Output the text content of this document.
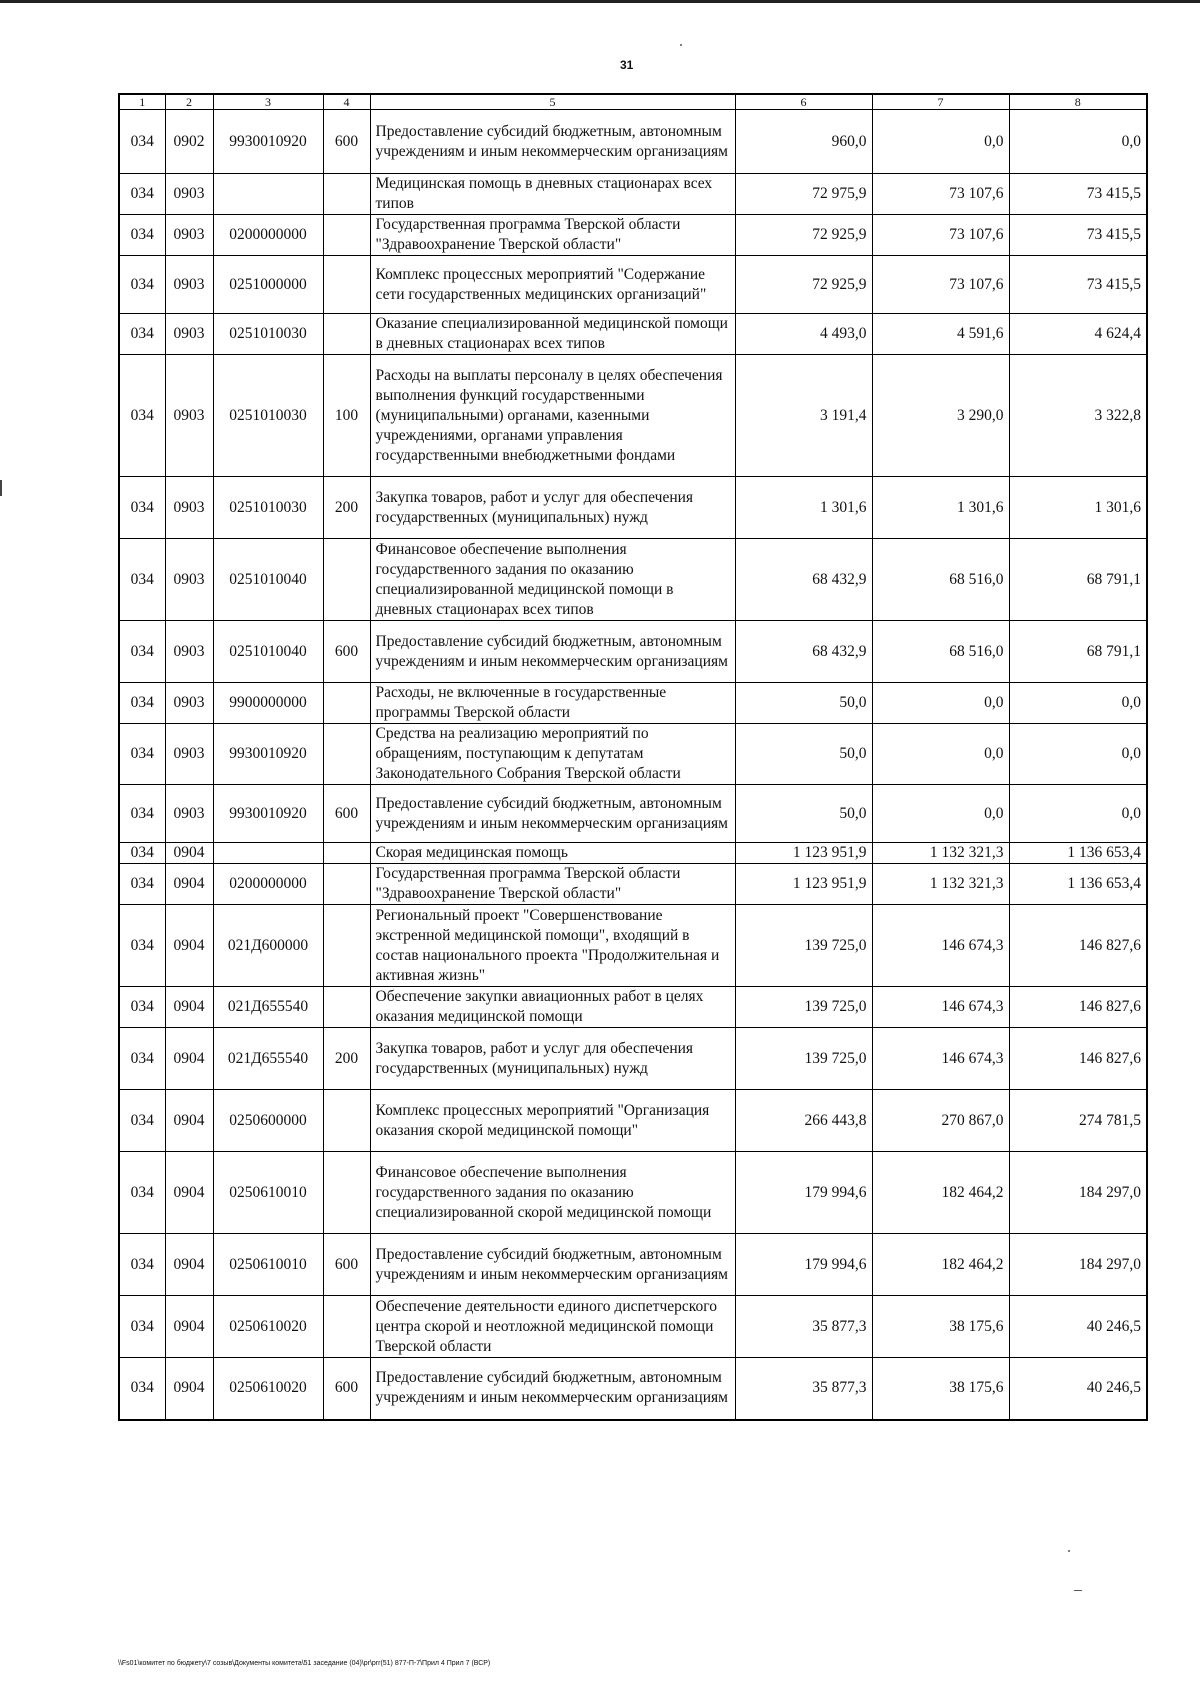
31
1	2	3	4	5	6	7	8
034	0902	9930010920	600	Предоставление субсидий бюджетным, автономным учреждениям и иным некоммерческим организациям	960,0	0,0	0,0
034	0903			Медицинская помощь в дневных стационарах всех типов	72 975,9	73 107,6	73 415,5
034	0903	0200000000		Государственная программа Тверской области "Здравоохранение Тверской области"	72 925,9	73 107,6	73 415,5
034	0903	0251000000		Комплекс процессных мероприятий "Содержание сети государственных медицинских организаций"	72 925,9	73 107,6	73 415,5
034	0903	0251010030		Оказание специализированной медицинской помощи в дневных стационарах всех типов	4 493,0	4 591,6	4 624,4
034	0903	0251010030	100	Расходы на выплаты персоналу в целях обеспечения выполнения функций государственными (муниципальными) органами, казенными учреждениями, органами управления государственными внебюджетными фондами	3 191,4	3 290,0	3 322,8
034	0903	0251010030	200	Закупка товаров, работ и услуг для обеспечения государственных (муниципальных) нужд	1 301,6	1 301,6	1 301,6
034	0903	0251010040		Финансовое обеспечение выполнения государственного задания по оказанию специализированной медицинской помощи в дневных стационарах всех типов	68 432,9	68 516,0	68 791,1
034	0903	0251010040	600	Предоставление субсидий бюджетным, автономным учреждениям и иным некоммерческим организациям	68 432,9	68 516,0	68 791,1
034	0903	9900000000		Расходы, не включенные в государственные программы Тверской области	50,0	0,0	0,0
034	0903	9930010920		Средства на реализацию мероприятий по обращениям, поступающим к депутатам Законодательного Собрания Тверской области	50,0	0,0	0,0
034	0903	9930010920	600	Предоставление субсидий бюджетным, автономным учреждениям и иным некоммерческим организациям	50,0	0,0	0,0
034	0904			Скорая медицинская помощь	1 123 951,9	1 132 321,3	1 136 653,4
034	0904	0200000000		Государственная программа Тверской области "Здравоохранение Тверской области"	1 123 951,9	1 132 321,3	1 136 653,4
034	0904	021Д600000		Региональный проект "Совершенствование экстренной медицинской помощи", входящий в состав национального проекта "Продолжительная и активная жизнь"	139 725,0	146 674,3	146 827,6
034	0904	021Д655540		Обеспечение закупки авиационных работ в целях оказания медицинской помощи	139 725,0	146 674,3	146 827,6
034	0904	021Д655540	200	Закупка товаров, работ и услуг для обеспечения государственных (муниципальных) нужд	139 725,0	146 674,3	146 827,6
034	0904	0250600000		Комплекс процессных мероприятий "Организация оказания скорой медицинской помощи"	266 443,8	270 867,0	274 781,5
034	0904	0250610010		Финансовое обеспечение выполнения государственного задания по оказанию специализированной скорой медицинской помощи	179 994,6	182 464,2	184 297,0
034	0904	0250610010	600	Предоставление субсидий бюджетным, автономным учреждениям и иным некоммерческим организациям	179 994,6	182 464,2	184 297,0
034	0904	0250610020		Обеспечение деятельности единого диспетчерского центра скорой и неотложной медицинской помощи Тверской области	35 877,3	38 175,6	40 246,5
034	0904	0250610020	600	Предоставление субсидий бюджетным, автономным учреждениям и иным некоммерческим организациям	35 877,3	38 175,6	40 246,5
\\Fs01\комитет по бюджету\7 созыв\Документы комитета\51 заседание (04)\pr\prr(51) 877-П-7\Прил 4 Прил 7 (ВСР)
